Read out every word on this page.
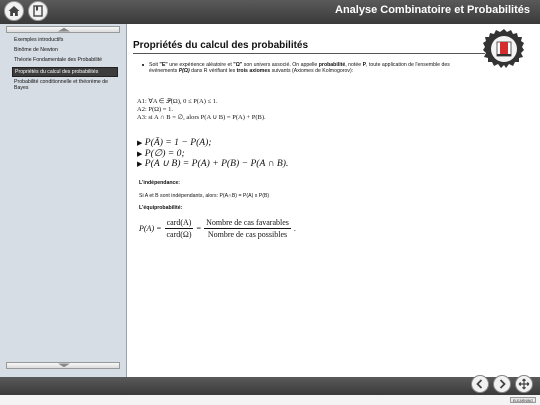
Analyse Combinatoire et Probabilités
Exemples introductifs
Binôme de Newton
Théorie Fondamentale des Probabilité
Propriétés du calcul des probabilités
Probabilité conditionnelle et théorème de Bayes
Propriétés du calcul des probabilités
Soit "E" une expérience aléatoire et "Ω" son univers associé. On appelle probabilité, notée P, toute application de l'ensemble des événements P(Ω) dans R vérifiant les trois axiomes suivants (Axiomes de Kolmogorov):
A1: ∀A ∈ 𝒫(Ω), 0 ≤ P(A) ≤ 1.
A2: P(Ω) = 1.
A3: si A ∩ B = ∅, alors P(A ∪ B) = P(A) + P(B).
▶ P(Ā) = 1 − P(A);
▶ P(∅) = 0;
▶ P(A ∪ B) = P(A) + P(B) − P(A ∩ B).
L'indépendance:
Si A et B sont indépendants, alors: P(A∩B) = P(A) x P(B)
L'équiprobabilité:
$P(A) = \frac{\text{card(A)}}{\text{card(Ω)}} = \frac{\text{Nombre de cas favarables}}{\text{Nombre de cas possibles}}$ .
ELEARNING
